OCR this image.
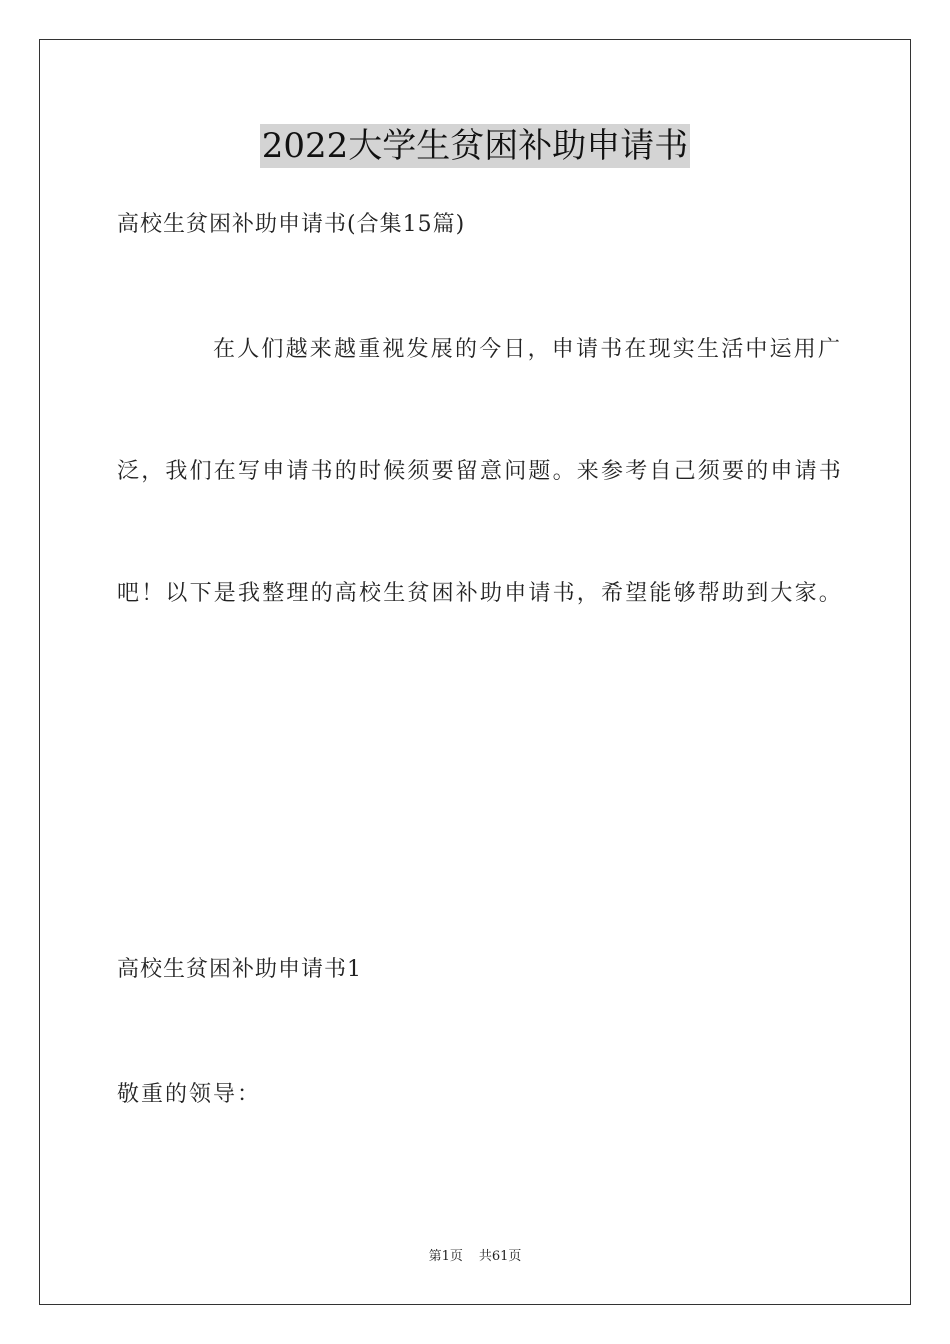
2022大学生贫困补助申请书
高校生贫困补助申请书(合集15篇)
在人们越来越重视发展的今日，申请书在现实生活中运用广
泛，我们在写申请书的时候须要留意问题。来参考自己须要的申请书
吧！以下是我整理的高校生贫困补助申请书，希望能够帮助到大家。
高校生贫困补助申请书1
敬重的领导：
第1页 共61页
